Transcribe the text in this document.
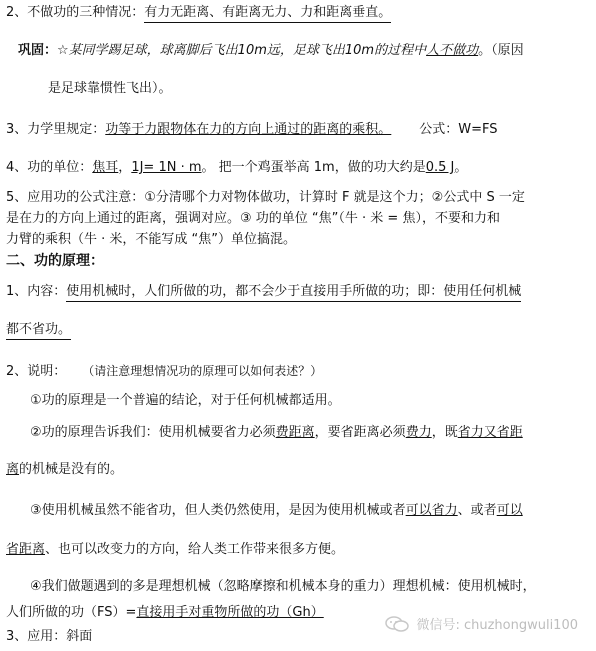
2、不做功的三种情况：有力无距离、有距离无力、力和距离垂直。
巩固：☆某同学踢足球，球离脚后飞出10m远，足球飞出10m的过程中人不做功。（原因
是足球靠惯性飞出）。
3、力学里规定：功等于力跟物体在力的方向上通过的距离的乘积。 公式：W=FS
4、功的单位：焦耳，1J= 1N · m。 把一个鸡蛋举高 1m，做的功大约是0.5 J。
5、应用功的公式注意：①分清哪个力对物体做功，计算时 F 就是这个力；②公式中 S 一定
是在力的方向上通过的距离，强调对应。③ 功的单位 “焦”（牛 · 米 = 焦），不要和力和
力臂的乘积（牛 · 米，不能写成 “焦”）单位搞混。
二、功的原理：
1、内容：使用机械时，人们所做的功，都不会少于直接用手所做的功；即：使用任何机械
都不省功。
2、说明： （请注意理想情况功的原理可以如何表述？）
①功的原理是一个普遍的结论，对于任何机械都适用。
②功的原理告诉我们：使用机械要省力必须费距离，要省距离必须费力，既省力又省距
离的机械是没有的。
③使用机械虽然不能省功，但人类仍然使用，是因为使用机械或者可以省力、或者可以
省距离、也可以改变力的方向，给人类工作带来很多方便。
④我们做题遇到的多是理想机械（忽略摩擦和机械本身的重力）理想机械：使用机械时，
人们所做的功（FS）=直接用手对重物所做的功（Gh）
3、应用：斜面
微信号: chuzhongwuli100
